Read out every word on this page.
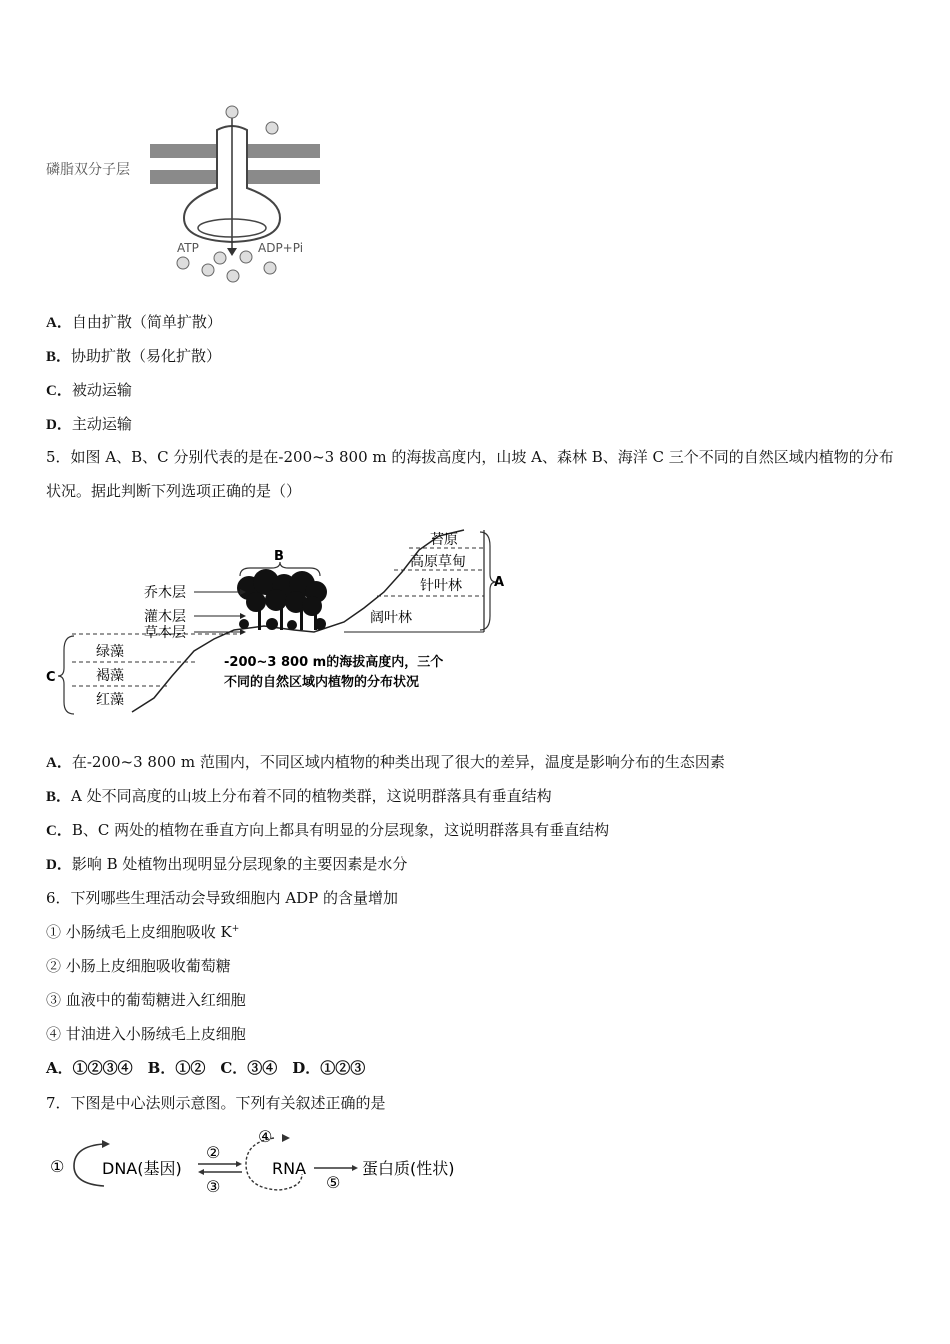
磷脂双分子层
ATP	ADP+Pi
A．自由扩散（简单扩散）
B．协助扩散（易化扩散）
C．被动运输
D．主动运输
5．如图 A、B、C 分别代表的是在-200~3 800 m 的海拔高度内，山坡 A、森林 B、海洋 C 三个不同的自然区域内植物的分布状况。据此判断下列选项正确的是（）
B
A
C
乔木层
灌木层
草本层
绿藻
褐藻
红藻
苔原
高原草甸
针叶林
阔叶林
-200~3 800 m的海拔高度内，三个
不同的自然区域内植物的分布状况
A．在-200~3 800 m 范围内，不同区域内植物的种类出现了很大的差异，温度是影响分布的生态因素
B．A 处不同高度的山坡上分布着不同的植物类群，这说明群落具有垂直结构
C．B、C 两处的植物在垂直方向上都具有明显的分层现象，这说明群落具有垂直结构
D．影响 B 处植物出现明显分层现象的主要因素是水分
6．下列哪些生理活动会导致细胞内 ADP 的含量增加
① 小肠绒毛上皮细胞吸收 K+
② 小肠上皮细胞吸收葡萄糖
③ 血液中的葡萄糖进入红细胞
④ 甘油进入小肠绒毛上皮细胞
A．①②③④　B．①②　C．③④　D．①②③
7．下图是中心法则示意图。下列有关叙述正确的是
① DNA(基因)
②
③
④
RNA
⑤
蛋白质(性状)
